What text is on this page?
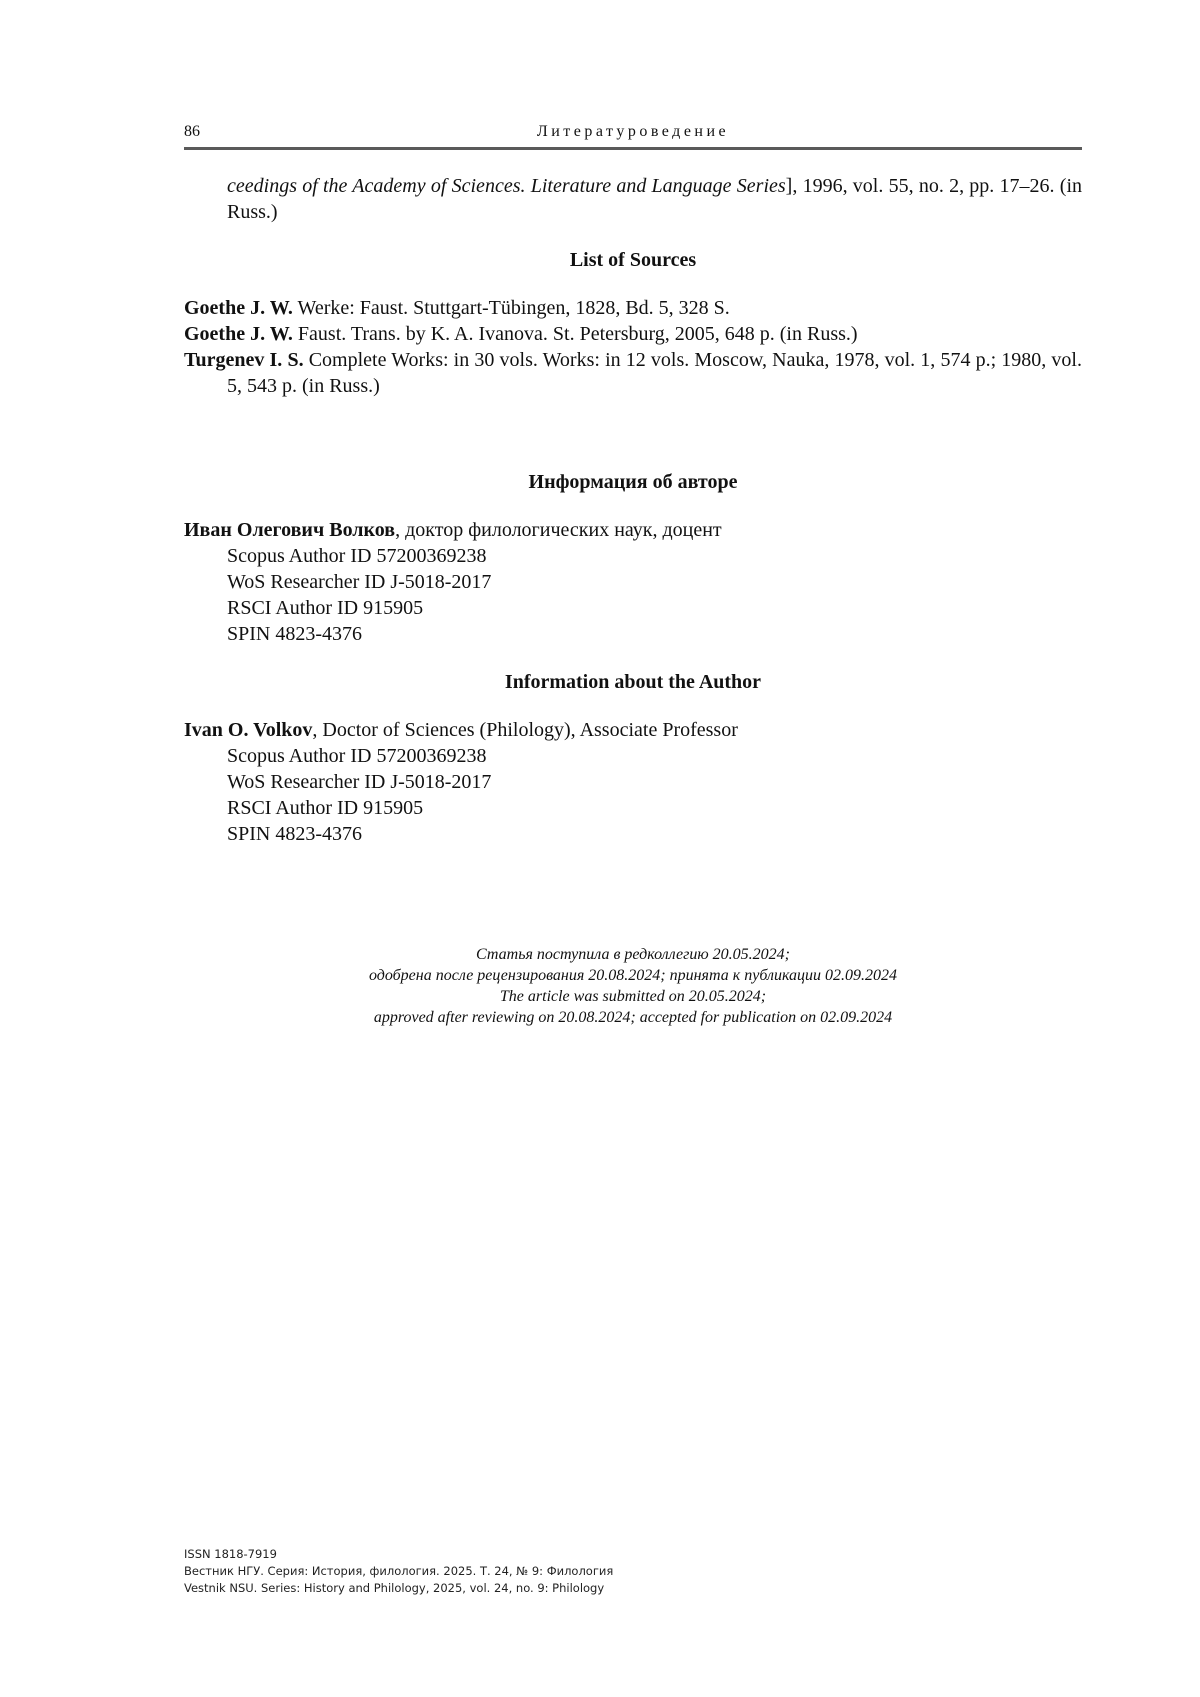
86	Литературоведение

ceedings of the Academy of Sciences. Literature and Language Series], 1996, vol. 55, no. 2, pp. 17–26. (in Russ.)

List of Sources

Goethe J. W. Werke: Faust. Stuttgart-Tübingen, 1828, Bd. 5, 328 S.

Goethe J. W. Faust. Trans. by K. A. Ivanova. St. Petersburg, 2005, 648 p. (in Russ.)

Turgenev I. S. Complete Works: in 30 vols. Works: in 12 vols. Moscow, Nauka, 1978, vol. 1, 574 p.; 1980, vol. 5, 543 p. (in Russ.)

Информация об авторе

Иван Олегович Волков, доктор филологических наук, доцент

Scopus Author ID 57200369238

WoS Researcher ID J-5018-2017

RSCI Author ID 915905

SPIN 4823-4376

Information about the Author

Ivan O. Volkov, Doctor of Sciences (Philology), Associate Professor

Scopus Author ID 57200369238

WoS Researcher ID J-5018-2017

RSCI Author ID 915905

SPIN 4823-4376

Статья поступила в редколлегию 20.05.2024;
одобрена после рецензирования 20.08.2024; принята к публикации 02.09.2024
The article was submitted on 20.05.2024;
approved after reviewing on 20.08.2024; accepted for publication on 02.09.2024
ISSN 1818-7919
Вестник НГУ. Серия: История, филология. 2025. Т. 24, № 9: Филология
Vestnik NSU. Series: History and Philology, 2025, vol. 24, no. 9: Philology
